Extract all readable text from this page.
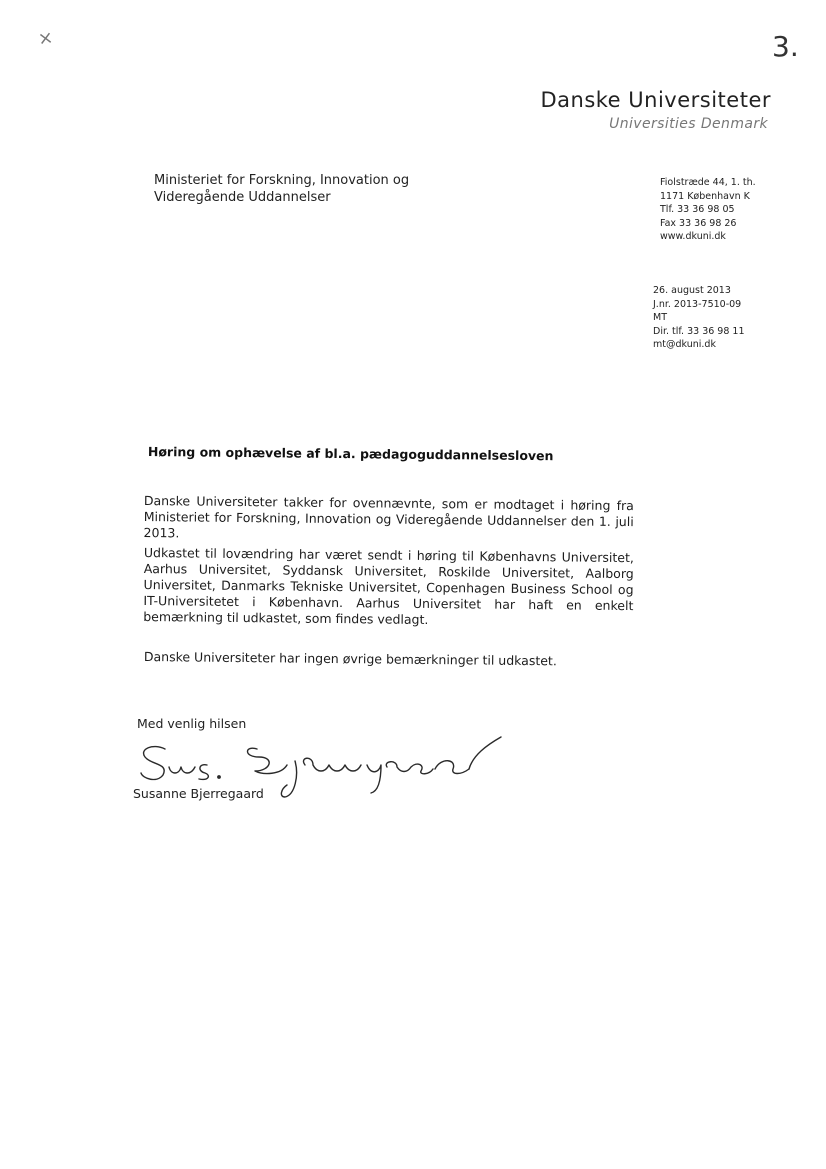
×	3.
Danske Universiteter
Universities Denmark
Ministeriet for Forskning, Innovation og
Videregående Uddannelser
Fiolstræde 44, 1. th.
1171 København K
Tlf. 33 36 98 05
Fax 33 36 98 26
www.dkuni.dk
26. august 2013
J.nr. 2013-7510-09
MT
Dir. tlf. 33 36 98 11
mt@dkuni.dk
Høring om ophævelse af bl.a. pædagoguddannelsesloven
Danske Universiteter takker for ovennævnte, som er modtaget i høring fra Ministeriet for Forskning, Innovation og Videregående Uddannelser den 1. juli 2013.
Udkastet til lovændring har været sendt i høring til Københavns Universitet, Aarhus Universitet, Syddansk Universitet, Roskilde Universitet, Aalborg Universitet, Danmarks Tekniske Universitet, Copenhagen Business School og IT-Universitetet i København. Aarhus Universitet har haft en enkelt bemærkning til udkastet, som findes vedlagt.
Danske Universiteter har ingen øvrige bemærkninger til udkastet.
Med venlig hilsen
Susanne Bjerregaard
